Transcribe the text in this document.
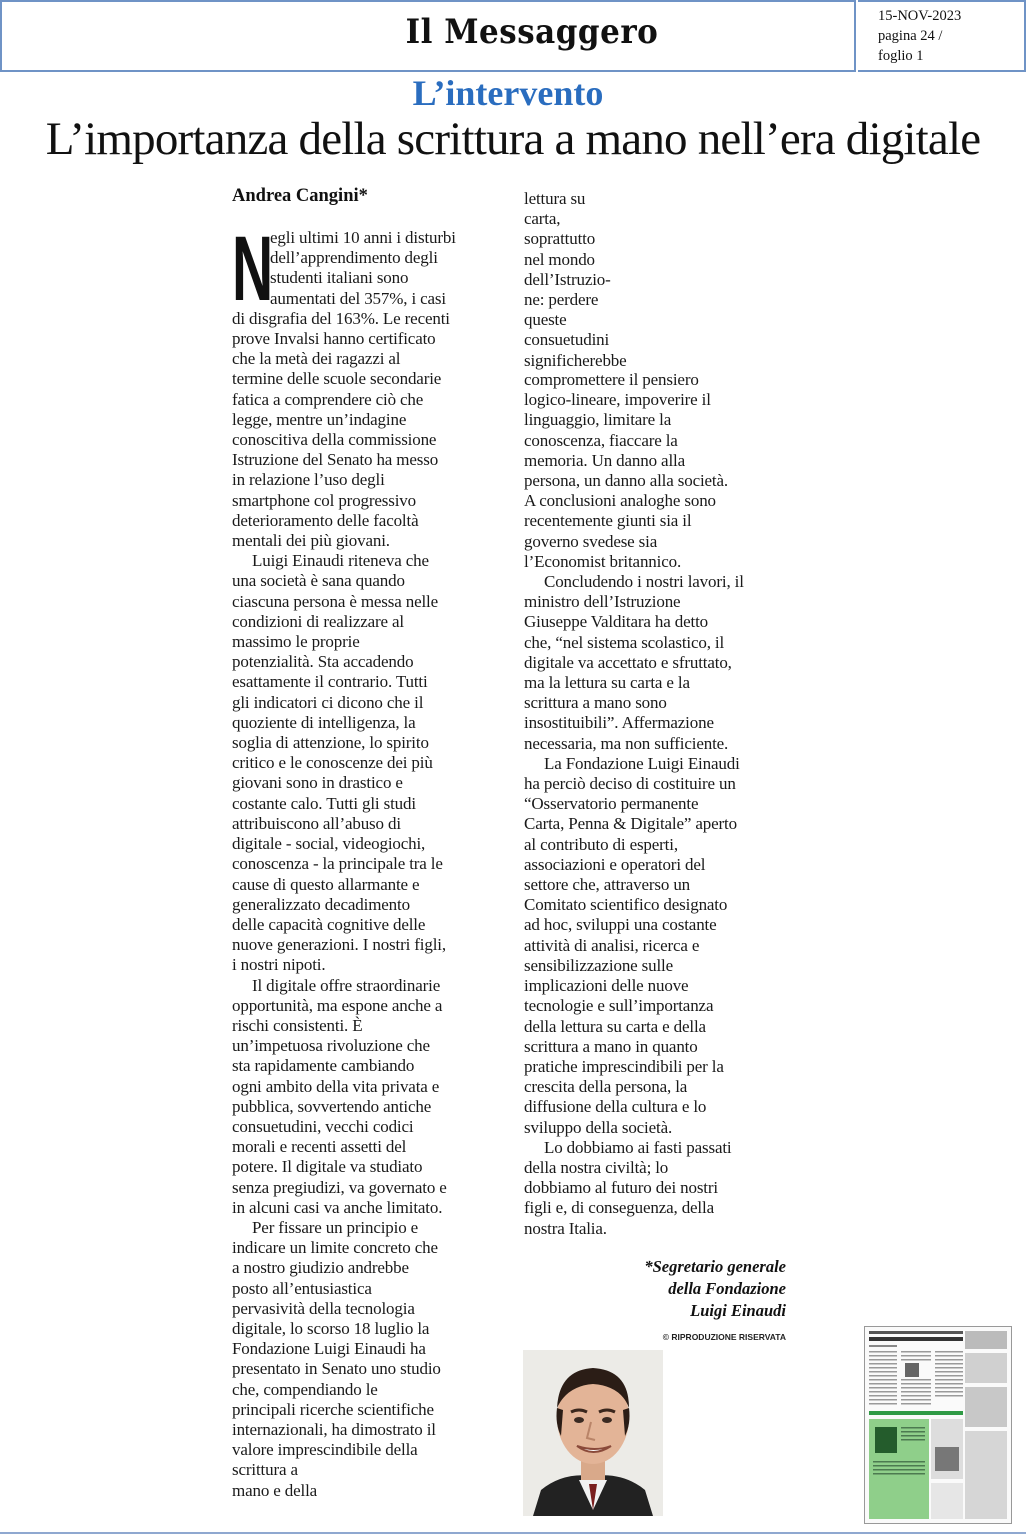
Il Messaggero	15-NOV-2023
pagina 24 /
foglio 1
L’intervento
L’importanza della scrittura a mano nell’era digitale
Andrea Cangini*
N
egli ultimi 10 anni i disturbi
dell’apprendimento degli
studenti italiani sono
aumentati del 357%, i casi
di disgrafia del 163%. Le recenti
prove Invalsi hanno certificato
che la metà dei ragazzi al
termine delle scuole secondarie
fatica a comprendere ciò che
legge, mentre un’indagine
conoscitiva della commissione
Istruzione del Senato ha messo
in relazione l’uso degli
smartphone col progressivo
deterioramento delle facoltà
mentali dei più giovani.
Luigi Einaudi riteneva che
una società è sana quando
ciascuna persona è messa nelle
condizioni di realizzare al
massimo le proprie
potenzialità. Sta accadendo
esattamente il contrario. Tutti
gli indicatori ci dicono che il
quoziente di intelligenza, la
soglia di attenzione, lo spirito
critico e le conoscenze dei più
giovani sono in drastico e
costante calo. Tutti gli studi
attribuiscono all’abuso di
digitale - social, videogiochi,
conoscenza - la principale tra le
cause di questo allarmante e
generalizzato decadimento
delle capacità cognitive delle
nuove generazioni. I nostri figli,
i nostri nipoti.
Il digitale offre straordinarie
opportunità, ma espone anche a
rischi consistenti. È
un’impetuosa rivoluzione che
sta rapidamente cambiando
ogni ambito della vita privata e
pubblica, sovvertendo antiche
consuetudini, vecchi codici
morali e recenti assetti del
potere. Il digitale va studiato
senza pregiudizi, va governato e
in alcuni casi va anche limitato.
Per fissare un principio e
indicare un limite concreto che
a nostro giudizio andrebbe
posto all’entusiastica
pervasività della tecnologia
digitale, lo scorso 18 luglio la
Fondazione Luigi Einaudi ha
presentato in Senato uno studio
che, compendiando le
principali ricerche scientifiche
internazionali, ha dimostrato il
valore imprescindibile della
scrittura a
mano e della
lettura su
carta,
soprattutto
nel mondo
dell’Istruzio-
ne: perdere
queste
consuetudini
significherebbe
compromettere il pensiero
logico-lineare, impoverire il
linguaggio, limitare la
conoscenza, fiaccare la
memoria. Un danno alla
persona, un danno alla società.
A conclusioni analoghe sono
recentemente giunti sia il
governo svedese sia
l’Economist britannico.
Concludendo i nostri lavori, il
ministro dell’Istruzione
Giuseppe Valditara ha detto
che, “nel sistema scolastico, il
digitale va accettato e sfruttato,
ma la lettura su carta e la
scrittura a mano sono
insostituibili”. Affermazione
necessaria, ma non sufficiente.
La Fondazione Luigi Einaudi
ha perciò deciso di costituire un
“Osservatorio permanente
Carta, Penna & Digitale” aperto
al contributo di esperti,
associazioni e operatori del
settore che, attraverso un
Comitato scientifico designato
ad hoc, sviluppi una costante
attività di analisi, ricerca e
sensibilizzazione sulle
implicazioni delle nuove
tecnologie e sull’importanza
della lettura su carta e della
scrittura a mano in quanto
pratiche imprescindibili per la
crescita della persona, la
diffusione della cultura e lo
sviluppo della società.
Lo dobbiamo ai fasti passati
della nostra civiltà; lo
dobbiamo al futuro dei nostri
figli e, di conseguenza, della
nostra Italia.
*Segretario generale
della Fondazione
Luigi Einaudi
© RIPRODUZIONE RISERVATA
